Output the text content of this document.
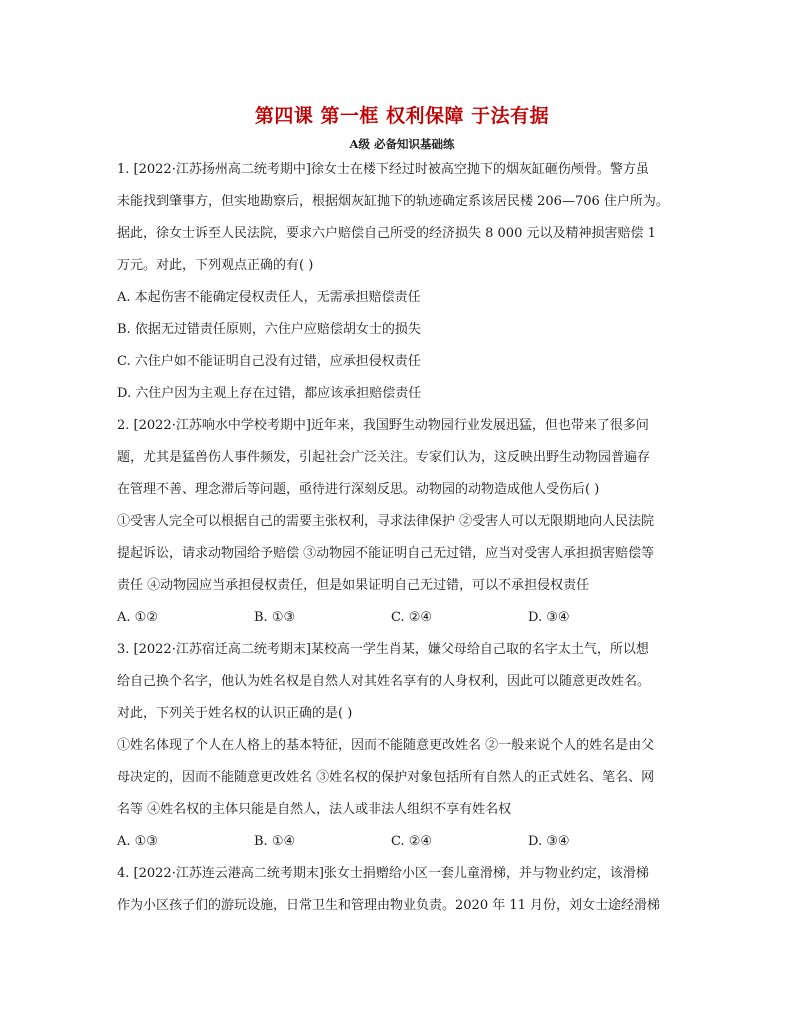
第四课 第一框 权利保障 于法有据
A级 必备知识基础练
1. [2022·江苏扬州高二统考期中]徐女士在楼下经过时被高空抛下的烟灰缸砸伤颅骨。警方虽
未能找到肇事方，但实地勘察后，根据烟灰缸抛下的轨迹确定系该居民楼 206—706 住户所为。
据此，徐女士诉至人民法院，要求六户赔偿自己所受的经济损失 8 000 元以及精神损害赔偿 1
万元。对此，下列观点正确的有( )
A. 本起伤害不能确定侵权责任人，无需承担赔偿责任
B. 依据无过错责任原则，六住户应赔偿胡女士的损失
C. 六住户如不能证明自己没有过错，应承担侵权责任
D. 六住户因为主观上存在过错，都应该承担赔偿责任
2. [2022·江苏响水中学校考期中]近年来，我国野生动物园行业发展迅猛，但也带来了很多问
题，尤其是猛兽伤人事件频发，引起社会广泛关注。专家们认为，这反映出野生动物园普遍存
在管理不善、理念滞后等问题，亟待进行深刻反思。动物园的动物造成他人受伤后( )
①受害人完全可以根据自己的需要主张权利，寻求法律保护 ②受害人可以无限期地向人民法院
提起诉讼，请求动物园给予赔偿 ③动物园不能证明自己无过错，应当对受害人承担损害赔偿等
责任 ④动物园应当承担侵权责任，但是如果证明自己无过错，可以不承担侵权责任
A. ①②	B. ①③	C. ②④	D. ③④
3. [2022·江苏宿迁高二统考期末]某校高一学生肖某，嫌父母给自己取的名字太土气，所以想
给自己换个名字，他认为姓名权是自然人对其姓名享有的人身权利，因此可以随意更改姓名。
对此，下列关于姓名权的认识正确的是( )
①姓名体现了个人在人格上的基本特征，因而不能随意更改姓名 ②一般来说个人的姓名是由父
母决定的，因而不能随意更改姓名 ③姓名权的保护对象包括所有自然人的正式姓名、笔名、网
名等 ④姓名权的主体只能是自然人，法人或非法人组织不享有姓名权
A. ①③	B. ①④	C. ②④	D. ③④
4. [2022·江苏连云港高二统考期末]张女士捐赠给小区一套儿童滑梯，并与物业约定，该滑梯
作为小区孩子们的游玩设施，日常卫生和管理由物业负责。2020 年 11 月份，刘女士途经滑梯
